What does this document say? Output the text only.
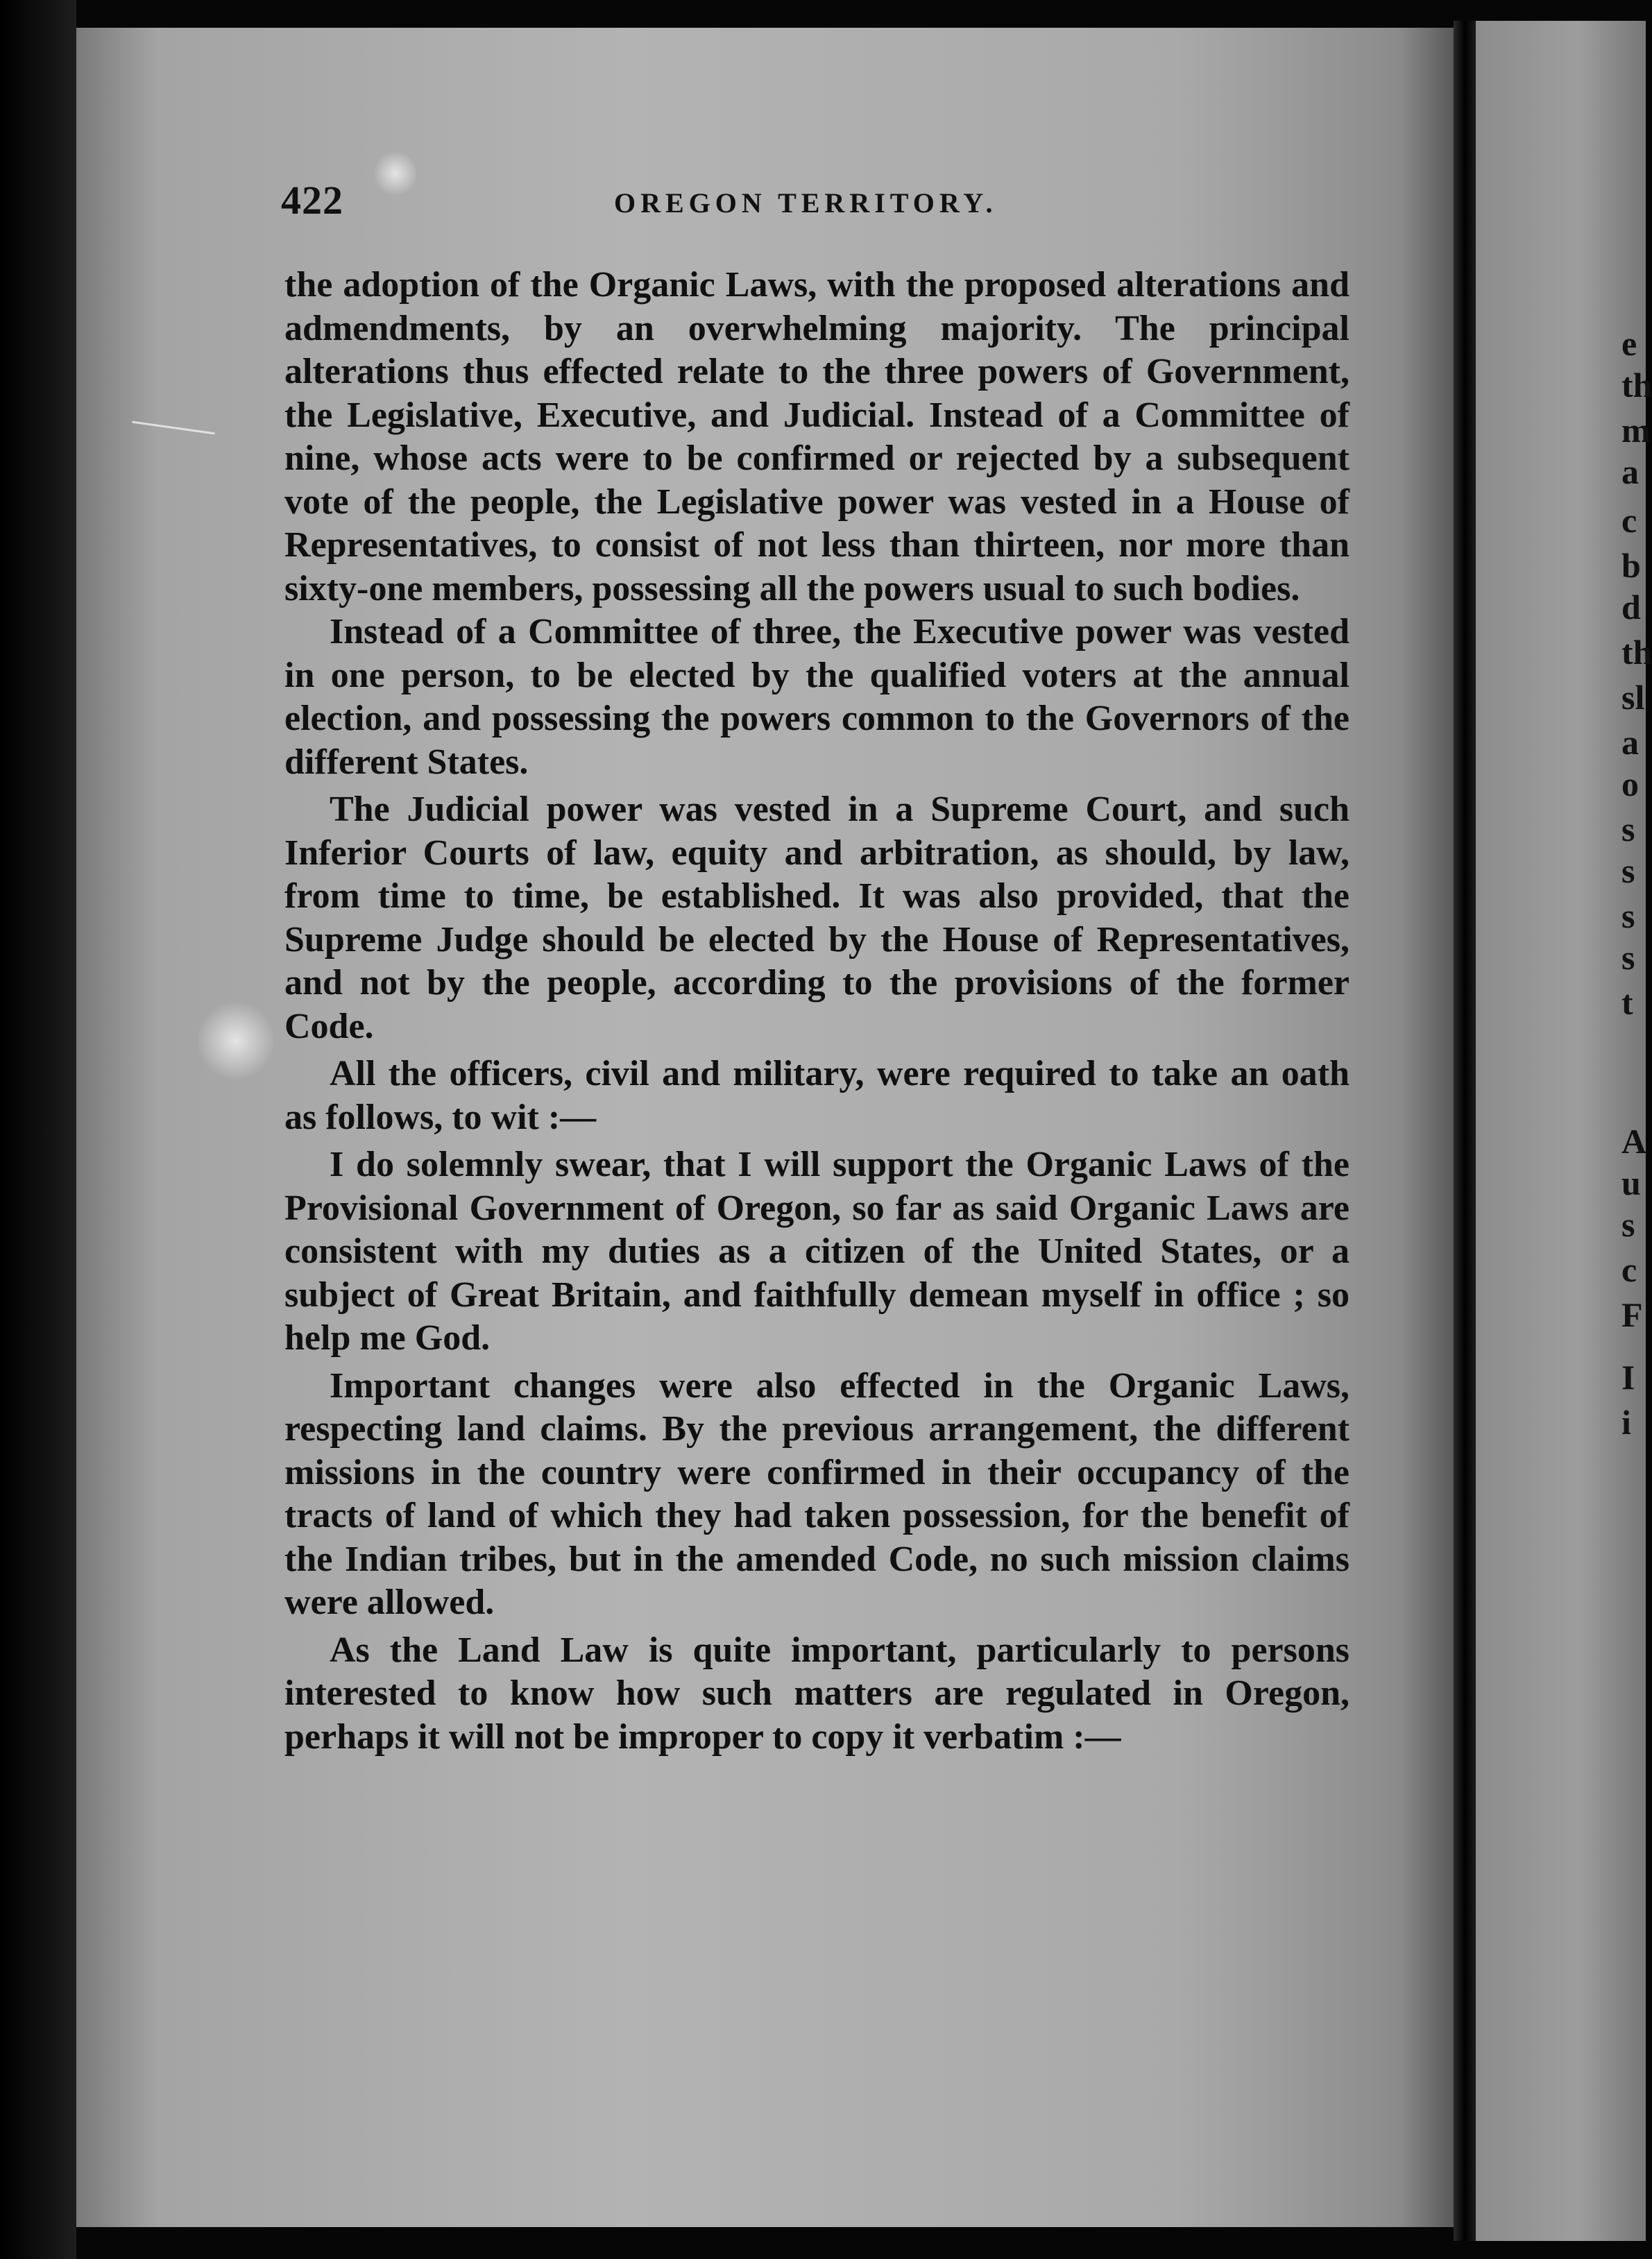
e

th

m

a

c

b

d

th

sl

a

o

s

s

s

s

t

A

u

s

c

F

I

i

422	OREGON TERRITORY.

the adoption of the Organic Laws, with the proposed alterations and admendments, by an overwhelming majority. The principal alterations thus effected relate to the three powers of Government, the Legislative, Executive, and Judicial. Instead of a Committee of nine, whose acts were to be confirmed or rejected by a subsequent vote of the people, the Legislative power was vested in a House of Representatives, to consist of not less than thirteen, nor more than sixty-one members, possessing all the powers usual to such bodies.

Instead of a Committee of three, the Executive power was vested in one person, to be elected by the qualified voters at the annual election, and possessing the powers common to the Governors of the different States.

The Judicial power was vested in a Supreme Court, and such Inferior Courts of law, equity and arbitration, as should, by law, from time to time, be established. It was also provided, that the Supreme Judge should be elected by the House of Representatives, and not by the people, according to the provisions of the former Code.

All the officers, civil and military, were required to take an oath as follows, to wit :—

I do solemnly swear, that I will support the Organic Laws of the Provisional Government of Oregon, so far as said Organic Laws are consistent with my duties as a citizen of the United States, or a subject of Great Britain, and faithfully demean myself in office ; so help me God.

Important changes were also effected in the Organic Laws, respecting land claims. By the previous arrangement, the different missions in the country were confirmed in their occupancy of the tracts of land of which they had taken possession, for the benefit of the Indian tribes, but in the amended Code, no such mission claims were allowed.

As the Land Law is quite important, particularly to persons interested to know how such matters are regulated in Oregon, perhaps it will not be improper to copy it verbatim :—
